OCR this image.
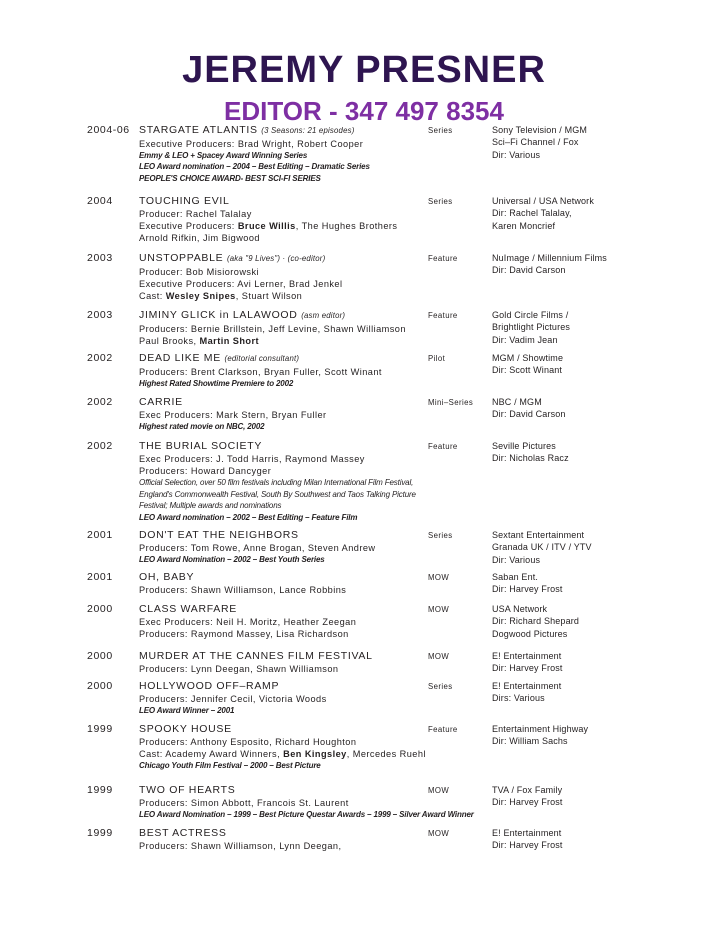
JEREMY PRESNER
EDITOR - 347 497 8354
2004-06 STARGATE ATLANTIS (3 Seasons: 21 episodes)
Executive Producers: Brad Wright, Robert Cooper
Emmy & LEO + Spacey Award Winning Series
LEO Award nomination – 2004 – Best Editing – Dramatic Series
PEOPLE'S CHOICE AWARD- BEST SCI-FI SERIES
Series	Sony Television / MGM
Sci–Fi Channel / Fox
Dir: Various
2004 TOUCHING EVIL
Producer: Rachel Talalay
Executive Producers: Bruce Willis, The Hughes Brothers
Arnold Rifkin, Jim Bigwood
Series	Universal / USA Network
Dir: Rachel Talalay,
Karen Moncrief
2003 UNSTOPPABLE (aka "9 Lives") · (co-editor)
Producer: Bob Misiorowski
Executive Producers: Avi Lerner, Brad Jenkel
Cast: Wesley Snipes, Stuart Wilson
Feature	NuImage / Millennium Films
Dir: David Carson
2003 JIMINY GLICK in LALAWOOD (asm editor)
Producers: Bernie Brillstein, Jeff Levine, Shawn Williamson
Paul Brooks, Martin Short
Feature	Gold Circle Films /
Brightlight Pictures
Dir: Vadim Jean
2002 DEAD LIKE ME (editorial consultant)
Producers: Brent Clarkson, Bryan Fuller, Scott Winant
Highest Rated Showtime Premiere to 2002
Pilot	MGM / Showtime
Dir: Scott Winant
2002 CARRIE
Exec Producers: Mark Stern, Bryan Fuller
Highest rated movie on NBC, 2002
Mini–Series NBC / MGM
Dir: David Carson
2002 THE BURIAL SOCIETY
Exec Producers: J. Todd Harris, Raymond Massey
Producers: Howard Dancyger
Official Selection, over 50 film festivals including Milan International Film Festival,
England's Commonwealth Festival, South By Southwest and Taos Talking Picture
Festival; Multiple awards and nominations
LEO Award nomination – 2002 – Best Editing – Feature Film
Feature	Seville Pictures
Dir: Nicholas Racz
2001 DON'T EAT THE NEIGHBORS
Producers: Tom Rowe, Anne Brogan, Steven Andrew
LEO Award Nomination – 2002 – Best Youth Series
Series	Sextant Entertainment
Granada UK / ITV / YTV
Dir: Various
2001 OH, BABY
Producers: Shawn Williamson, Lance Robbins
MOW	Saban Ent.
Dir: Harvey Frost
2000 CLASS WARFARE
Exec Producers: Neil H. Moritz, Heather Zeegan
Producers: Raymond Massey, Lisa Richardson
MOW	USA Network
Dir: Richard Shepard
Dogwood Pictures
2000 MURDER AT THE CANNES FILM FESTIVAL
Producers: Lynn Deegan, Shawn Williamson
MOW	E! Entertainment
Dir: Harvey Frost
2000 HOLLYWOOD OFF–RAMP
Producers: Jennifer Cecil, Victoria Woods
LEO Award Winner – 2001
Series	E! Entertainment
Dirs: Various
1999 SPOOKY HOUSE
Producers: Anthony Esposito, Richard Houghton
Cast: Academy Award Winners, Ben Kingsley, Mercedes Ruehl
Chicago Youth Film Festival – 2000 – Best Picture
Feature	Entertainment Highway
Dir: William Sachs
1999 TWO OF HEARTS
Producers: Simon Abbott, Francois St. Laurent
LEO Award Nomination – 1999 – Best Picture Questar Awards – 1999 – Silver Award Winner
MOW	TVA / Fox Family
Dir: Harvey Frost
1999 BEST ACTRESS
Producers: Shawn Williamson, Lynn Deegan,
MOW	E! Entertainment
Dir: Harvey Frost
